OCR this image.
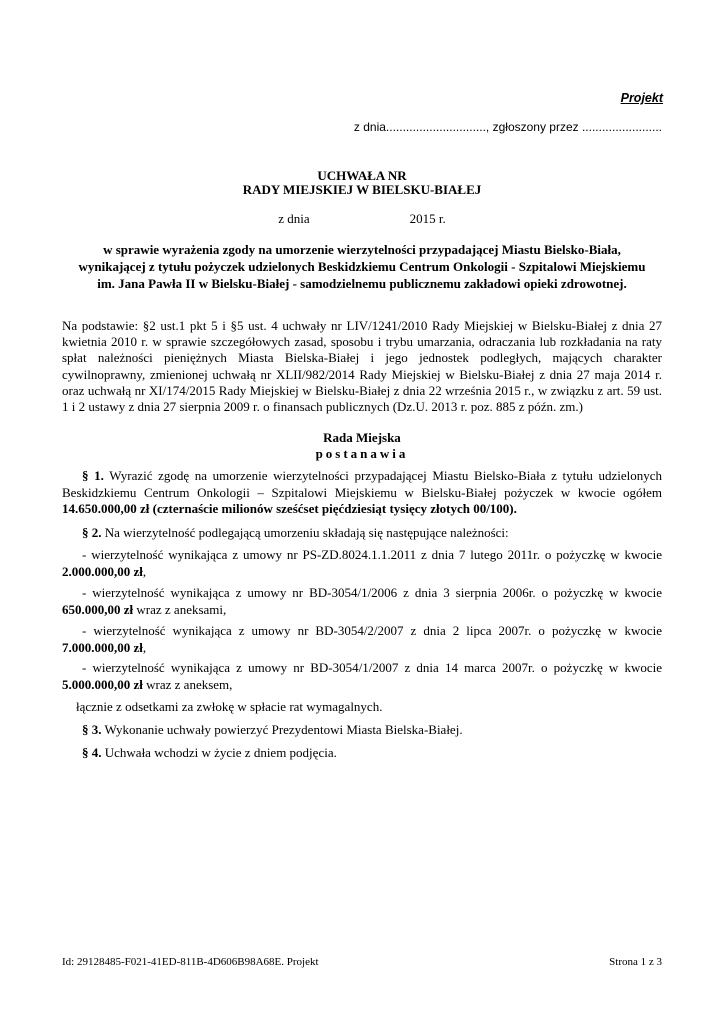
Projekt
z dnia.............................., zgłoszony przez ........................
UCHWAŁA NR
RADY MIEJSKIEJ W BIELSKU-BIAŁEJ
z dnia	2015 r.
w sprawie wyrażenia zgody na umorzenie wierzytelności przypadającej Miastu Bielsko-Biała,
wynikającej z tytułu pożyczek udzielonych Beskidzkiemu Centrum Onkologii - Szpitalowi Miejskiemu
im. Jana Pawła II w Bielsku-Białej - samodzielnemu publicznemu zakładowi opieki zdrowotnej.
Na podstawie: §2 ust.1 pkt 5 i §5 ust. 4 uchwały nr LIV/1241/2010 Rady Miejskiej w Bielsku-Białej z dnia 27 kwietnia 2010 r. w sprawie szczegółowych zasad, sposobu i trybu umarzania, odraczania lub rozkładania na raty spłat należności pieniężnych Miasta Bielska-Białej i jego jednostek podległych, mających charakter cywilnoprawny, zmienionej uchwałą nr XLII/982/2014 Rady Miejskiej w Bielsku-Białej z dnia 27 maja 2014 r. oraz uchwałą nr XI/174/2015 Rady Miejskiej w Bielsku-Białej z dnia 22 września 2015 r., w związku z art. 59 ust. 1 i 2 ustawy z dnia 27 sierpnia 2009 r. o finansach publicznych (Dz.U. 2013 r. poz. 885 z późn. zm.)
Rada Miejska
postanawia
§ 1. Wyrazić zgodę na umorzenie wierzytelności przypadającej Miastu Bielsko-Biała z tytułu udzielonych Beskidzkiemu Centrum Onkologii – Szpitalowi Miejskiemu w Bielsku-Białej pożyczek w kwocie ogółem 14.650.000,00 zł (czternaście milionów sześćset pięćdziesiąt tysięcy złotych 00/100).
§ 2. Na wierzytelność podlegającą umorzeniu składają się następujące należności:
- wierzytelność wynikająca z umowy nr PS-ZD.8024.1.1.2011 z dnia 7 lutego 2011r. o pożyczkę w kwocie 2.000.000,00 zł,
- wierzytelność wynikająca z umowy nr BD-3054/1/2006 z dnia 3 sierpnia 2006r. o pożyczkę w kwocie 650.000,00 zł wraz z aneksami,
- wierzytelność wynikająca z umowy nr BD-3054/2/2007 z dnia 2 lipca 2007r. o pożyczkę w kwocie 7.000.000,00 zł,
- wierzytelność wynikająca z umowy nr BD-3054/1/2007 z dnia 14 marca 2007r. o pożyczkę w kwocie 5.000.000,00 zł wraz z aneksem,
łącznie z odsetkami za zwłokę w spłacie rat wymagalnych.
§ 3. Wykonanie uchwały powierzyć Prezydentowi Miasta Bielska-Białej.
§ 4. Uchwała wchodzi w życie z dniem podjęcia.
Id: 29128485-F021-41ED-811B-4D606B98A68E. Projekt	Strona 1 z 3
